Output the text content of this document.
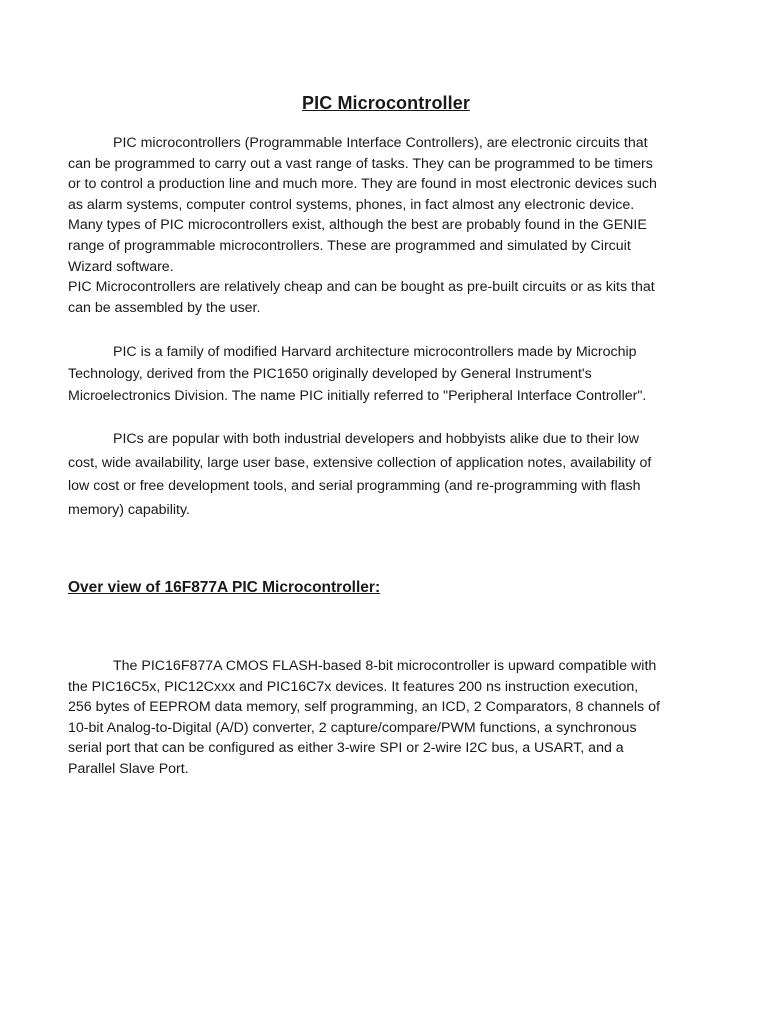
PIC Microcontroller

PIC microcontrollers (Programmable Interface Controllers), are electronic circuits that
can be programmed to carry out a vast range of tasks. They can be programmed to be timers
or to control a production line and much more. They are found in most electronic devices such
as alarm systems, computer control systems, phones, in fact almost any electronic device.
Many types of PIC microcontrollers exist, although the best are probably found in the GENIE
range of programmable microcontrollers. These are programmed and simulated by Circuit
Wizard software.
PIC Microcontrollers are relatively cheap and can be bought as pre-built circuits or as kits that
can be assembled by the user.

PIC is a family of modified Harvard architecture microcontrollers made by Microchip
Technology, derived from the PIC1650 originally developed by General Instrument's
Microelectronics Division. The name PIC initially referred to "Peripheral Interface Controller".

PICs are popular with both industrial developers and hobbyists alike due to their low
cost, wide availability, large user base, extensive collection of application notes, availability of
low cost or free development tools, and serial programming (and re-programming with flash
memory) capability.

Over view of 16F877A PIC Microcontroller:

The PIC16F877A CMOS FLASH-based 8-bit microcontroller is upward compatible with
the PIC16C5x, PIC12Cxxx and PIC16C7x devices. It features 200 ns instruction execution,
256 bytes of EEPROM data memory, self programming, an ICD, 2 Comparators, 8 channels of
10-bit Analog-to-Digital (A/D) converter, 2 capture/compare/PWM functions, a synchronous
serial port that can be configured as either 3-wire SPI or 2-wire I2C bus, a USART, and a
Parallel Slave Port.
